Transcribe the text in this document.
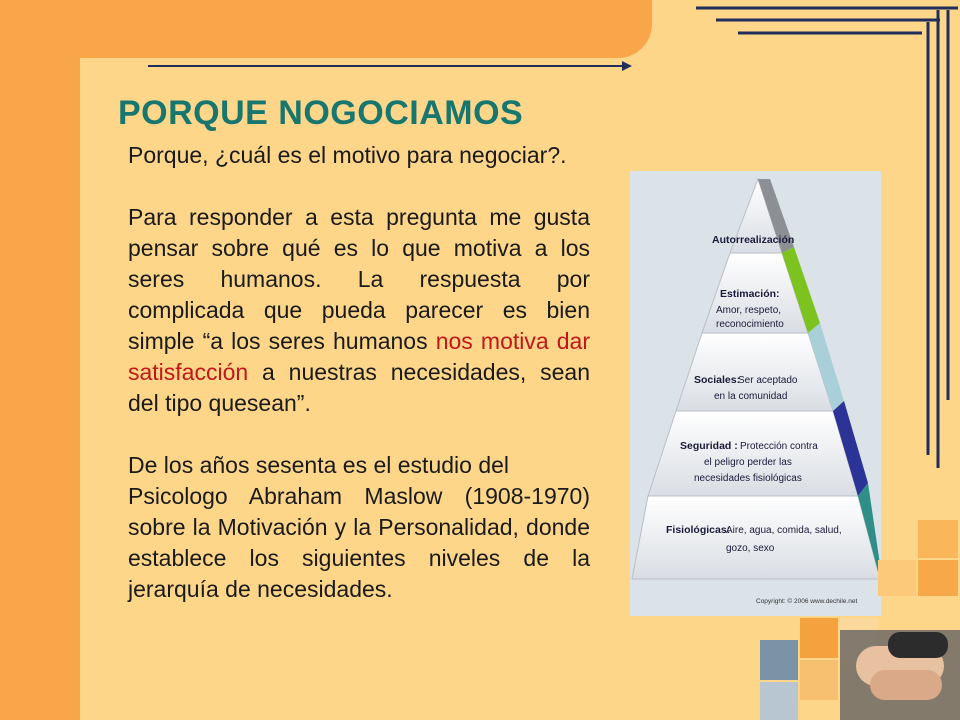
PORQUE NOGOCIAMOS

Porque, ¿cuál es el motivo para negociar?.

Para responder a esta pregunta me gusta pensar sobre qué es lo que motiva a los seres humanos. La respuesta por complicada que pueda parecer es bien simple “a los seres humanos nos motiva dar satisfacción a nuestras necesidades, sean del tipo quesean”.

De los años sesenta es el estudio del

Psicologo Abraham Maslow (1908-1970) sobre la Motivación y la Personalidad, donde establece los siguientes niveles de la jerarquía de necesidades.

Autorrealización
Estimación:
Sociales:
Seguridad :
Fisiológicas:
Amor, respeto,
reconocimiento
Ser aceptado
en la comunidad
Protección contra
el peligro perder las
necesidades fisiológicas
Aire, agua, comida, salud,
gozo, sexo
Copyright: © 2006 www.dechile.net
